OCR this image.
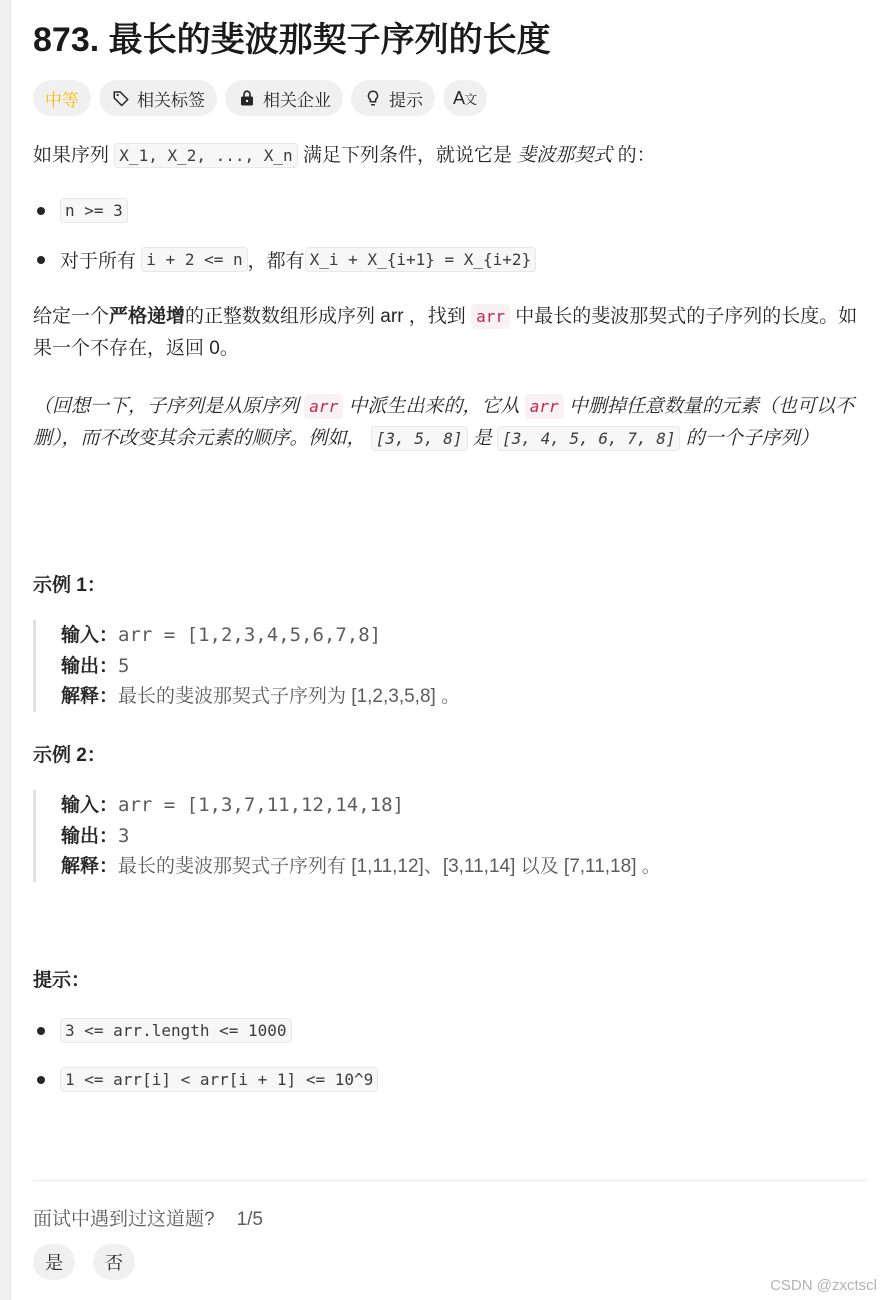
873. 最长的斐波那契子序列的长度
中等	相关标签	相关企业	提示 A 文
如果序列 X_1, X_2, ..., X_n 满足下列条件，就说它是 斐波那契式 的：
n >= 3
对于所有
i + 2 <= n ，都有 X_i + X_{i+1} = X_{i+2}
给定一个严格递增的正整数数组形成序列 arr ，找到 arr 中最长的斐波那契式的子序列的长度。如果一个不存在，返回 0。
（回想一下，子序列是从原序列 arr 中派生出来的，它从 arr 中删掉任意数量的元素（也可以不删），而不改变其余元素的顺序。例如， [3, 5, 8] 是 [3, 4, 5, 6, 7, 8] 的一个子序列）
示例 1：
输入：arr = [1,2,3,4,5,6,7,8]
输出：5
解释：最长的斐波那契式子序列为 [1,2,3,5,8] 。
示例 2：
输入：arr = [1,3,7,11,12,14,18]
输出：3
解释：最长的斐波那契式子序列有 [1,11,12]、[3,11,14] 以及 [7,11,18] 。
提示：
3 <= arr.length <= 1000
1 <= arr[i] < arr[i + 1] <= 10^9
面试中遇到过这道题? 1/5
是	否
CSDN @zxctscl
